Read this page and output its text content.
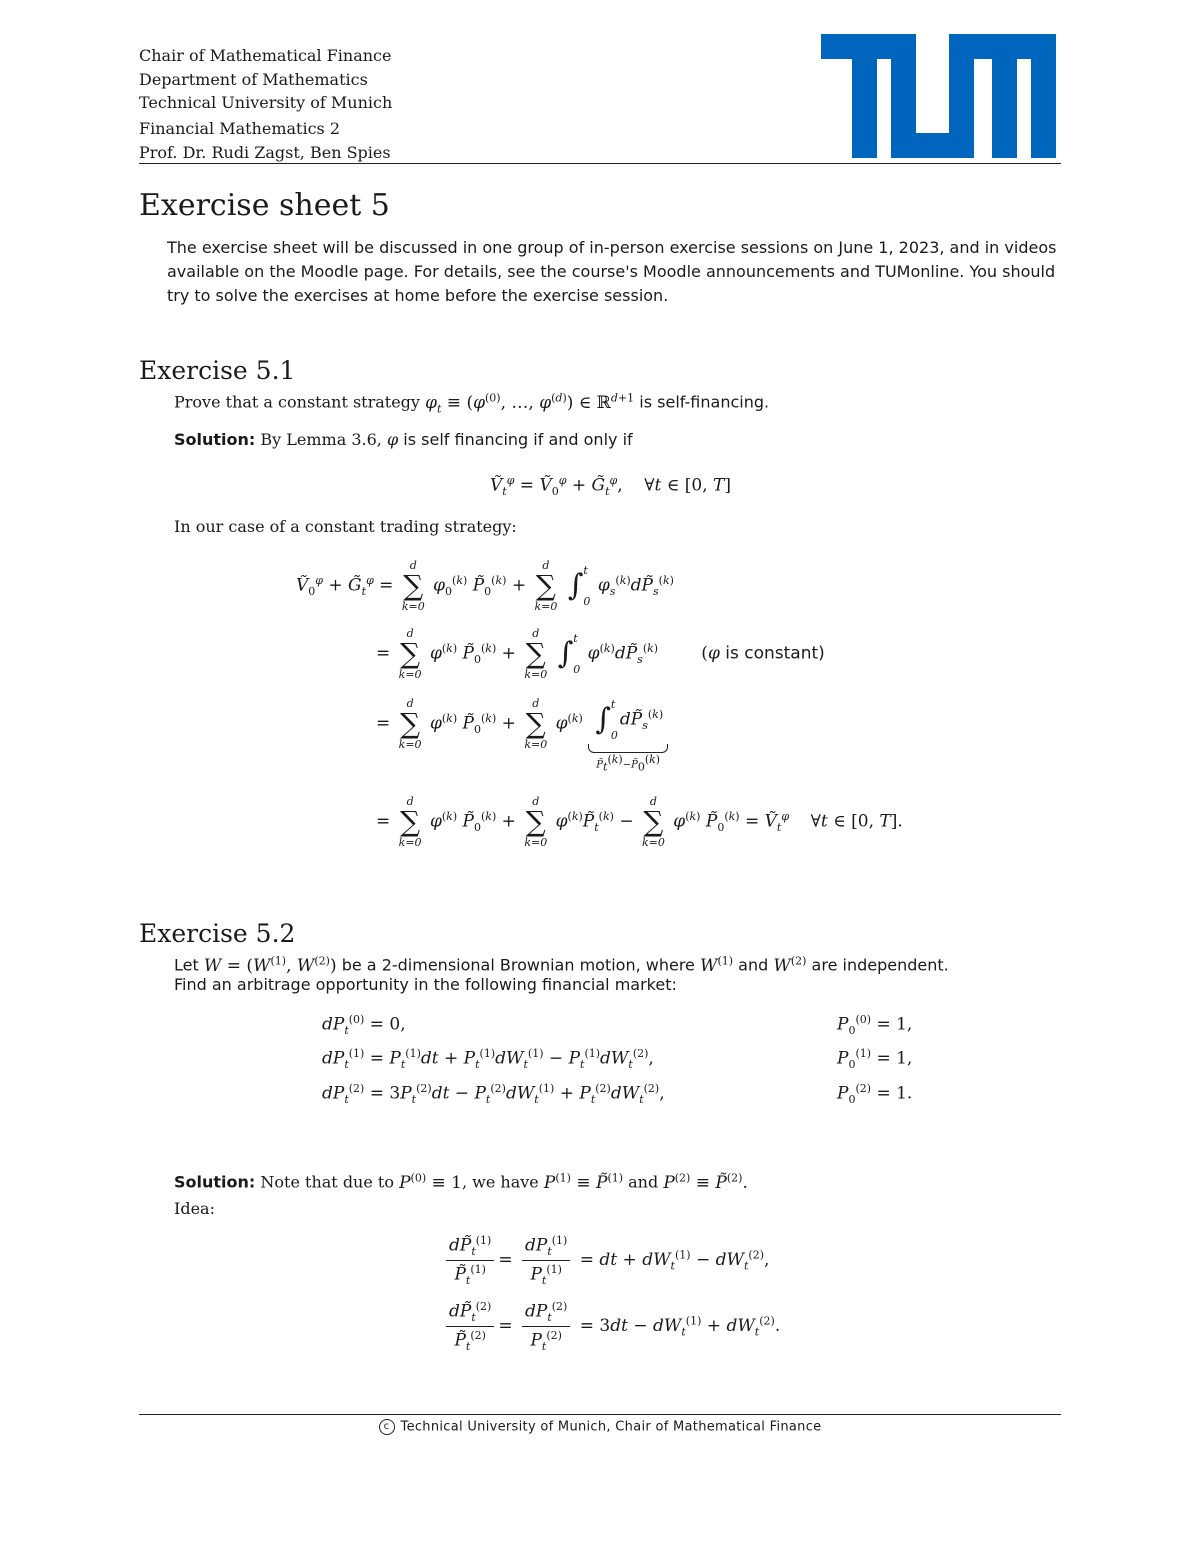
Chair of Mathematical Finance
Department of Mathematics
Technical University of Munich
Financial Mathematics 2
Prof. Dr. Rudi Zagst, Ben Spies
Exercise sheet 5
The exercise sheet will be discussed in one group of in-person exercise sessions on June 1, 2023, and in videos available on the Moodle page. For details, see the course's Moodle announcements and TUMonline. You should try to solve the exercises at home before the exercise session.
Exercise 5.1
Prove that a constant strategy $\varphi_t \equiv (\varphi^{(0)}$, …, $\varphi^{(d)}$) ∈ ℝ$^{d+1}$ is self-financing.
Solution: By Lemma 3.6, φ is self financing if and only if
Ṽ$_t^\varphi$ = Ṽ$_0^\varphi$ + $G̃_t^\varphi$,    ∀t ∈ [0, T]
In our case of a constant trading strategy:
Ṽ$_0^\varphi$ + $G̃_t^\varphi$ =
d
∑
k=0
$\varphi_0^{(k)}$ $P̃_0^{(k)}$ +
d
∑
k=0

∫ t
0
$\varphi_s^{(k)}dP̃_s^{(k)}$
=
d
∑
k=0
$\varphi^{(k)}$ $P̃_0^{(k)}$ +
d
∑
k=0

∫ t
0
$\varphi^{(k)}dP̃_s^{(k)}$        (φ is constant)
=
d
∑
k=0
$\varphi^{(k)}$ $P̃_0^{(k)}$ +
d
∑
k=0
$\varphi^{(k)}$ ∫ t
0
$dP̃_s^{(k)}$
$P̃_t^{(k)}-P̃_0^{(k)}$
=
d
∑
k=0
$\varphi^{(k)}$ $P̃_0^{(k)}$ +
d
∑
k=0
$\varphi^{(k)}P̃_t^{(k)}$ −
d
∑
k=0
$\varphi^{(k)}$ $P̃_0^{(k)}$ = Ṽ$_t^\varphi$    ∀t ∈ [0, T].
Exercise 5.2
Let $W = (W^{(1)}$, $W^{(2)}$) be a 2-dimensional Brownian motion, where $W^{(1)}$ and $W^{(2)}$ are independent.
Find an arbitrage opportunity in the following financial market:
$dP_t^{(0)} = 0$,	$P_0^{(0)} = 1$,
$dP_t^{(1)} = P_t^{(1)}dt + P_t^{(1)}dW_t^{(1)} - P_t^{(1)}dW_t^{(2)}$,	$P_0^{(1)} = 1$,
$dP_t^{(2)} = 3P_t^{(2)}dt - P_t^{(2)}dW_t^{(1)} + P_t^{(2)}dW_t^{(2)}$,	$P_0^{(2)} = 1$.
Solution: Note that due to $P^{(0)} \equiv 1$, we have $P^{(1)}$ ≡ P̃$^{(1)}$ and $P^{(2)}$ ≡ P̃$^{(2)}$.
Idea:
$\frac{dP̃_t^{(1)}}{P̃_t^{(1)}} = \frac{dP_t^{(1)}}{P_t^{(1)}}$ = dt + $dW_t^{(1)} - dW_t^{(2)}$,
$\frac{dP̃_t^{(2)}}{P̃_t^{(2)}} = \frac{dP_t^{(2)}}{P_t^{(2)}} = 3dt - dW_t^{(1)} + dW_t^{(2)}$.
c Technical University of Munich, Chair of Mathematical Finance
